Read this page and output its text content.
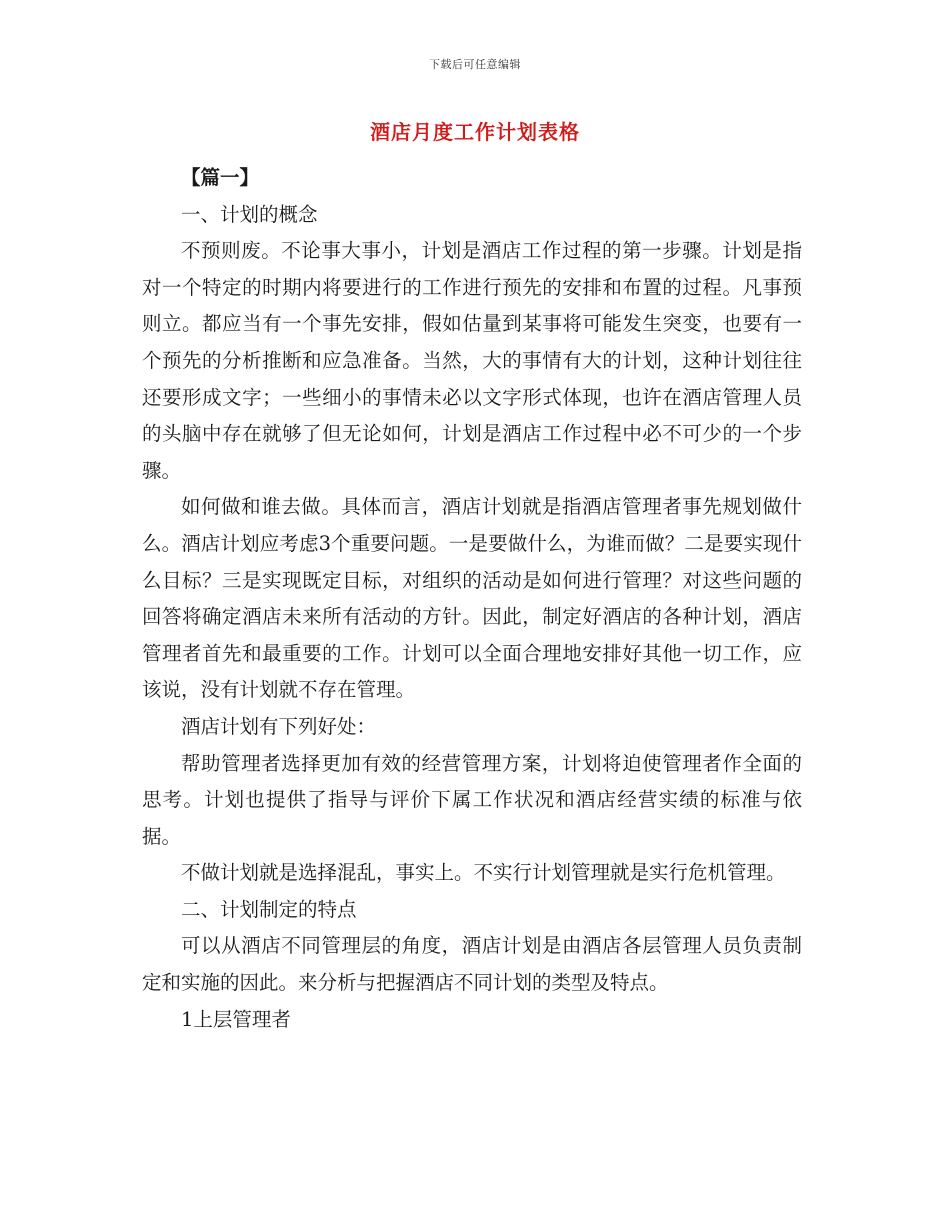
下载后可任意编辑
酒店月度工作计划表格

【篇一】

一、计划的概念

不预则废。不论事大事小，计划是酒店工作过程的第一步骤。计划是指对一个特定的时期内将要进行的工作进行预先的安排和布置的过程。凡事预则立。都应当有一个事先安排，假如估量到某事将可能发生突变，也要有一个预先的分析推断和应急准备。当然，大的事情有大的计划，这种计划往往还要形成文字；一些细小的事情未必以文字形式体现，也许在酒店管理人员的头脑中存在就够了但无论如何，计划是酒店工作过程中必不可少的一个步骤。

如何做和谁去做。具体而言，酒店计划就是指酒店管理者事先规划做什么。酒店计划应考虑3个重要问题。一是要做什么，为谁而做？二是要实现什么目标？三是实现既定目标，对组织的活动是如何进行管理？对这些问题的回答将确定酒店未来所有活动的方针。因此，制定好酒店的各种计划，酒店管理者首先和最重要的工作。计划可以全面合理地安排好其他一切工作，应该说，没有计划就不存在管理。

酒店计划有下列好处：

帮助管理者选择更加有效的经营管理方案，计划将迫使管理者作全面的思考。计划也提供了指导与评价下属工作状况和酒店经营实绩的标准与依据。

不做计划就是选择混乱，事实上。不实行计划管理就是实行危机管理。

二、计划制定的特点

可以从酒店不同管理层的角度，酒店计划是由酒店各层管理人员负责制定和实施的因此。来分析与把握酒店不同计划的类型及特点。

1上层管理者
